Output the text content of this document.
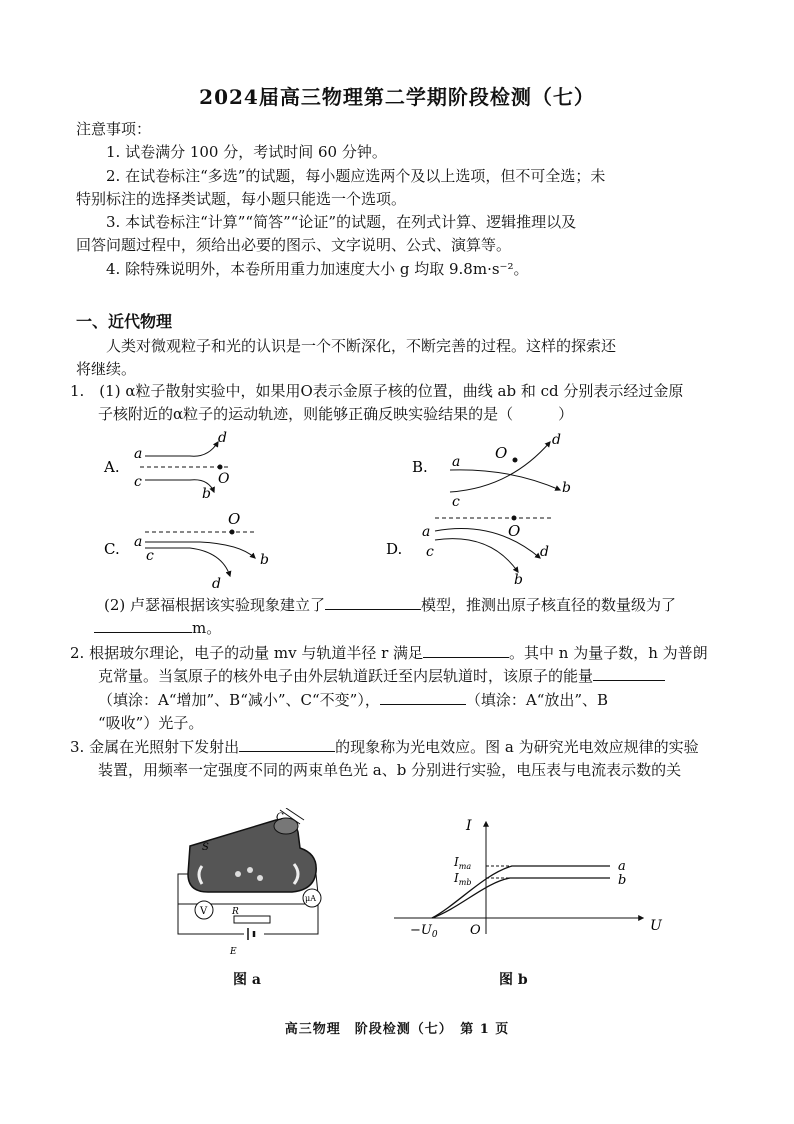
2024届高三物理第二学期阶段检测（七）
注意事项：
1. 试卷满分 100 分，考试时间 60 分钟。
2. 在试卷标注“多选”的试题，每小题应选两个及以上选项，但不可全选；未
特别标注的选择类试题，每小题只能选一个选项。
3. 本试卷标注“计算”“简答”“论证”的试题，在列式计算、逻辑推理以及
回答问题过程中，须给出必要的图示、文字说明、公式、演算等。
4. 除特殊说明外，本卷所用重力加速度大小 g 均取 9.8m·s⁻²。
一、近代物理
人类对微观粒子和光的认识是一个不断深化，不断完善的过程。这样的探索还
将继续。
1.　(1) α粒子散射实验中，如果用O表示金原子核的位置，曲线 ab 和 cd 分别表示经过金原
子核附近的α粒子的运动轨迹，则能够正确反映实验结果的是（　　　）
A.
a
c
d
b
O
B. a
c
O
d
b
C.
O
a
c	b
d
D.
O
a
c	d
b
(2) 卢瑟福根据该实验现象建立了	模型，推测出原子核直径的数量级为了
m。
2. 根据玻尔理论，电子的动量 mv 与轨道半径 r 满足	。其中 n 为量子数，h 为普朗
克常量。当氢原子的核外电子由外层轨道跃迁至内层轨道时，该原子的能量
（填涂：A“增加”、B“减小”、C“不变”），	（填涂：A“放出”、B
“吸收”）光子。
3. 金属在光照射下发射出	的现象称为光电效应。图 a 为研究光电效应规律的实验
装置，用频率一定强度不同的两束单色光 a、b 分别进行实验，电压表与电流表示数的关
C
S
V
μA
R
E
图 a
I
U
O
$-U_0$
$I_{ma}$
$I_{mb}$
a
b
图 b
高三物理　阶段检测（七）　第 1 页
